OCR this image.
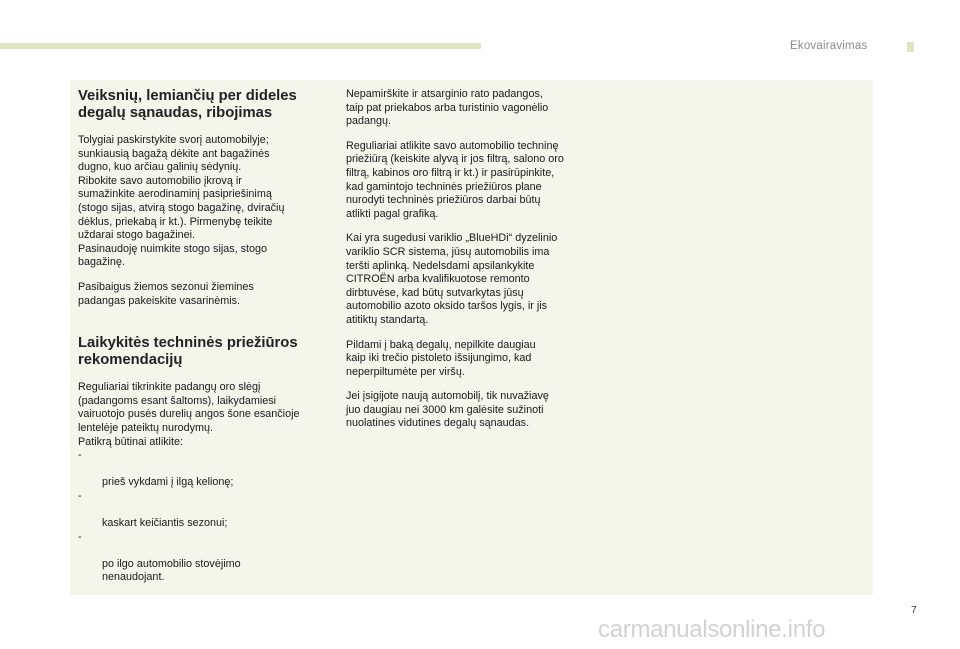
Ekovairavimas
Veiksnių, lemiančių per dideles
degalų sąnaudas, ribojimas
Tolygiai paskirstykite svorį automobilyje;
sunkiausią bagažą dėkite ant bagažinės
dugno, kuo arčiau galinių sėdynių.
Ribokite savo automobilio įkrovą ir
sumažinkite aerodinaminį pasipriešinimą
(stogo sijas, atvirą stogo bagažinę, dviračių
dėklus, priekabą ir kt.). Pirmenybę teikite
uždarai stogo bagažinei.
Pasinaudoję nuimkite stogo sijas, stogo
bagažinę.
Pasibaigus žiemos sezonui žiemines
padangas pakeiskite vasarinėmis.
Laikykitės techninės priežiūros
rekomendacijų
Reguliariai tikrinkite padangų oro slėgį
(padangoms esant šaltoms), laikydamiesi
vairuotojo pusės durelių angos šone esančioje
lentelėje pateiktų nurodymų.
Patikrą būtinai atlikite:

-

prieš vykdami į ilgą kelionę;

-

kaskart keičiantis sezonui;

-

po ilgo automobilio stovėjimo
nenaudojant.

Nepamirškite ir atsarginio rato padangos,
taip pat priekabos arba turistinio vagonėlio
padangų.
Reguliariai atlikite savo automobilio techninę
priežiūrą (keiskite alyvą ir jos filtrą, salono oro
filtrą, kabinos oro filtrą ir kt.) ir pasirūpinkite,
kad gamintojo techninės priežiūros plane
nurodyti techninės priežiūros darbai būtų
atlikti pagal grafiką.
Kai yra sugedusi variklio „BlueHDi“ dyzelinio
variklio SCR sistema, jūsų automobilis ima
teršti aplinką. Nedelsdami apsilankykite
CITROËN arba kvalifikuotose remonto
dirbtuvėse, kad būtų sutvarkytas jūsų
automobilio azoto oksido taršos lygis, ir jis
atitiktų standartą.
Pildami į baką degalų, nepilkite daugiau
kaip iki trečio pistoleto išsijungimo, kad
neperpiltumėte per viršų.
Jei įsigijote naują automobilį, tik nuvažiavę
juo daugiau nei 3000 km galėsite sužinoti
nuolatines vidutines degalų sąnaudas.
7
carmanualsonline.info
